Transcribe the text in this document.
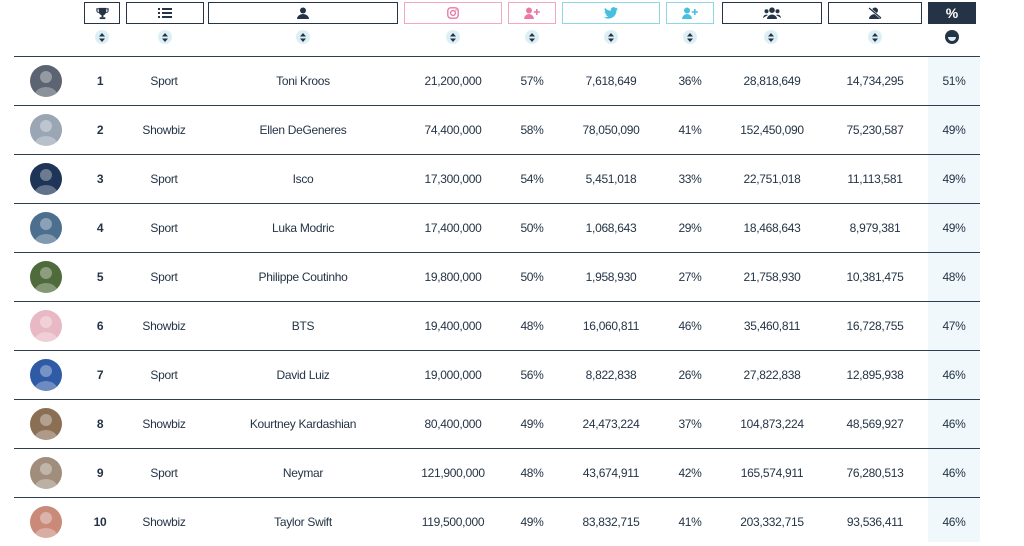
%
1	Sport	Toni Kroos	21,200,000	57%	7,618,649	36%	28,818,649	14,734,295	51%
2	Showbiz	Ellen DeGeneres	74,400,000	58%	78,050,090	41%	152,450,090	75,230,587	49%
3	Sport	Isco	17,300,000	54%	5,451,018	33%	22,751,018	11,113,581	49%
4	Sport	Luka Modric	17,400,000	50%	1,068,643	29%	18,468,643	8,979,381	49%
5	Sport	Philippe Coutinho	19,800,000	50%	1,958,930	27%	21,758,930	10,381,475	48%
6	Showbiz	BTS	19,400,000	48%	16,060,811	46%	35,460,811	16,728,755	47%
7	Sport	David Luiz	19,000,000	56%	8,822,838	26%	27,822,838	12,895,938	46%
8	Showbiz	Kourtney Kardashian	80,400,000	49%	24,473,224	37%	104,873,224	48,569,927	46%
9	Sport	Neymar	121,900,000	48%	43,674,911	42%	165,574,911	76,280,513	46%
10	Showbiz	Taylor Swift	119,500,000	49%	83,832,715	41%	203,332,715	93,536,411	46%
